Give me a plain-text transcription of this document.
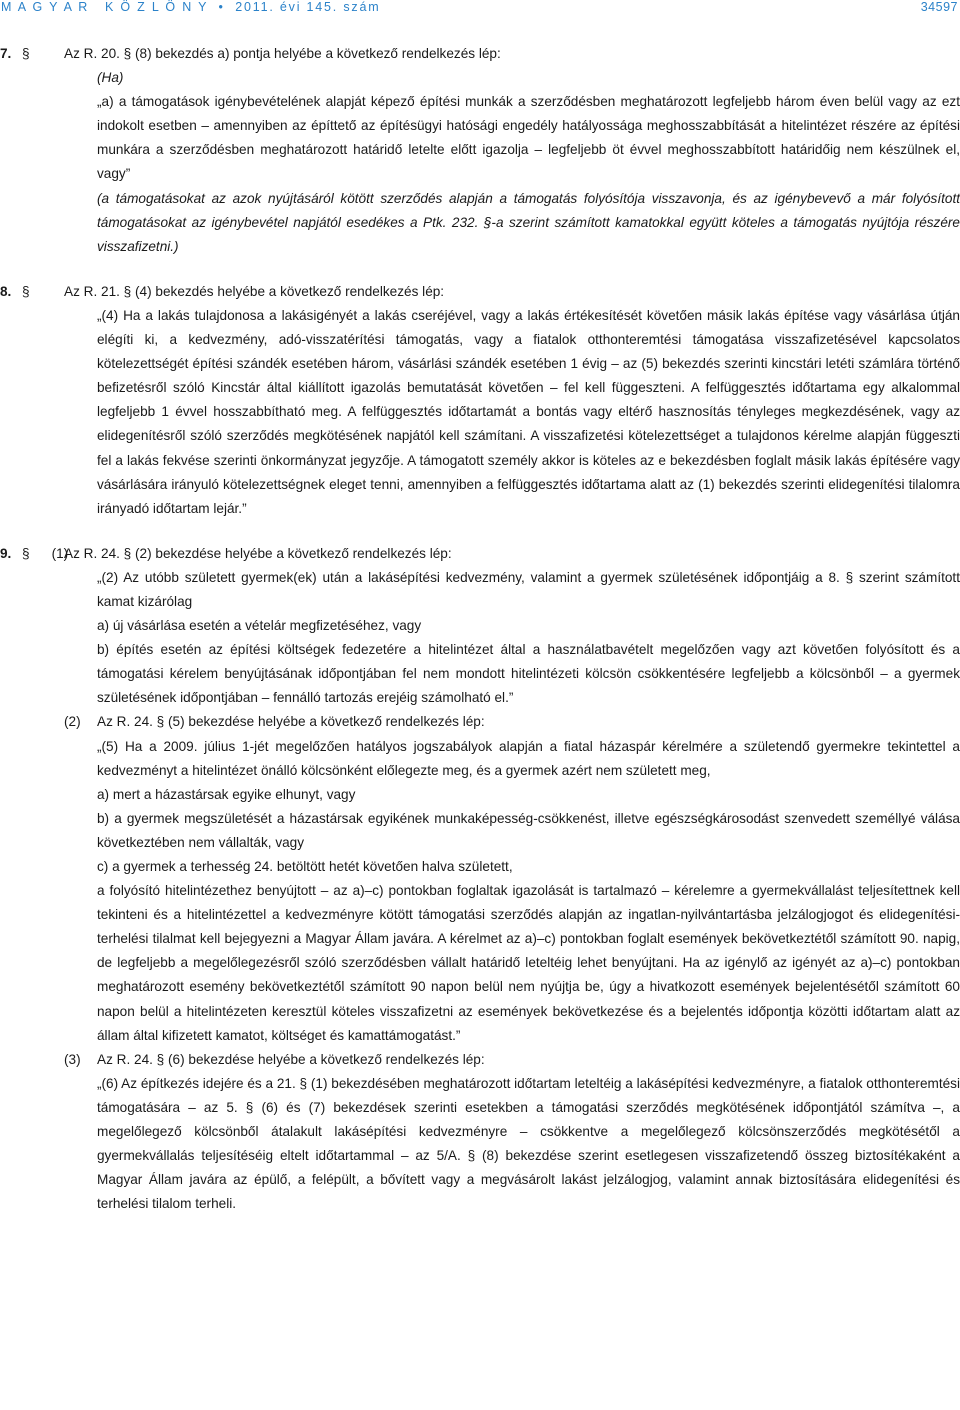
M A G Y A R   K Ö Z L Ö N Y  •  2011. évi 145. szám	34597
7. §	Az R. 20. § (8) bekezdés a) pontja helyébe a következő rendelkezés lép:
(Ha)
„a) a támogatások igénybevételének alapját képező építési munkák a szerződésben meghatározott legfeljebb három éven belül vagy az ezt indokolt esetben – amennyiben az építtető az építésügyi hatósági engedély hatályossága meghosszabbítását a hitelintézet részére az építési munkára a szerződésben meghatározott határidő letelte előtt igazolja – legfeljebb öt évvel meghosszabbított határidőig nem készülnek el, vagy”
(a támogatásokat az azok nyújtásáról kötött szerződés alapján a támogatás folyósítója visszavonja, és az igénybevevő a már folyósított támogatásokat az igénybevétel napjától esedékes a Ptk. 232. §-a szerint számított kamatokkal együtt köteles a támogatás nyújtója részére visszafizetni.)
8. §	Az R. 21. § (4) bekezdés helyébe a következő rendelkezés lép:
„(4) Ha a lakás tulajdonosa a lakásigényét a lakás cseréjével, vagy a lakás értékesítését követően másik lakás építése vagy vásárlása útján elégíti ki, a kedvezmény, adó-visszatérítési támogatás, vagy a fiatalok otthonteremtési támogatása visszafizetésével kapcsolatos kötelezettségét építési szándék esetében három, vásárlási szándék esetében 1 évig – az (5) bekezdés szerinti kincstári letéti számlára történő befizetésről szóló Kincstár által kiállított igazolás bemutatását követően – fel kell függeszteni. A felfüggesztés időtartama egy alkalommal legfeljebb 1 évvel hosszabbítható meg. A felfüggesztés időtartamát a bontás vagy eltérő hasznosítás tényleges megkezdésének, vagy az elidegenítésről szóló szerződés megkötésének napjától kell számítani. A visszafizetési kötelezettséget a tulajdonos kérelme alapján függeszti fel a lakás fekvése szerinti önkormányzat jegyzője. A támogatott személy akkor is köteles az e bekezdésben foglalt másik lakás építésére vagy vásárlására irányuló kötelezettségnek eleget tenni, amennyiben a felfüggesztés időtartama alatt az (1) bekezdés szerinti elidegenítési tilalomra irányadó időtartam lejár.”
9. § (1)
Az R. 24. § (2) bekezdése helyébe a következő rendelkezés lép:
„(2) Az utóbb született gyermek(ek) után a lakásépítési kedvezmény, valamint a gyermek születésének időpontjáig a 8. § szerint számított kamat kizárólag
a) új vásárlása esetén a vételár megfizetéséhez, vagy
b) építés esetén az építési költségek fedezetére a hitelintézet által a használatbavételt megelőzően vagy azt követően folyósított és a támogatási kérelem benyújtásának időpontjában fel nem mondott hitelintézeti kölcsön csökkentésére legfeljebb a kölcsönből – a gyermek születésének időpontjában – fennálló tartozás erejéig számolható el.”
(2)	Az R. 24. § (5) bekezdése helyébe a következő rendelkezés lép:
„(5) Ha a 2009. július 1-jét megelőzően hatályos jogszabályok alapján a fiatal házaspár kérelmére a születendő gyermekre tekintettel a kedvezményt a hitelintézet önálló kölcsönként előlegezte meg, és a gyermek azért nem született meg,
a) mert a házastársak egyike elhunyt, vagy
b) a gyermek megszületését a házastársak egyikének munkaképesség-csökkenést, illetve egészségkárosodást szenvedett személlyé válása következtében nem vállalták, vagy
c) a gyermek a terhesség 24. betöltött hetét követően halva született,
a folyósító hitelintézethez benyújtott – az a)–c) pontokban foglaltak igazolását is tartalmazó – kérelemre a gyermekvállalást teljesítettnek kell tekinteni és a hitelintézettel a kedvezményre kötött támogatási szerződés alapján az ingatlan-nyilvántartásba jelzálogjogot és elidegenítési-terhelési tilalmat kell bejegyezni a Magyar Állam javára. A kérelmet az a)–c) pontokban foglalt események bekövetkeztétől számított 90. napig, de legfeljebb a megelőlegezésről szóló szerződésben vállalt határidő leteltéig lehet benyújtani. Ha az igénylő az igényét az a)–c) pontokban meghatározott esemény bekövetkeztétől számított 90 napon belül nem nyújtja be, úgy a hivatkozott események bejelentésétől számított 60 napon belül a hitelintézeten keresztül köteles visszafizetni az események bekövetkezése és a bejelentés időpontja közötti időtartam alatt az állam által kifizetett kamatot, költséget és kamattámogatást.”
(3)	Az R. 24. § (6) bekezdése helyébe a következő rendelkezés lép:
„(6) Az építkezés idejére és a 21. § (1) bekezdésében meghatározott időtartam leteltéig a lakásépítési kedvezményre, a fiatalok otthonteremtési támogatására – az 5. § (6) és (7) bekezdések szerinti esetekben a támogatási szerződés megkötésének időpontjától számítva –, a megelőlegező kölcsönből átalakult lakásépítési kedvezményre – csökkentve a megelőlegező kölcsönszerződés megkötésétől a gyermekvállalás teljesítéséig eltelt időtartammal – az 5/A. § (8) bekezdése szerint esetlegesen visszafizetendő összeg biztosítékaként a Magyar Állam javára az épülő, a felépült, a bővített vagy a megvásárolt lakást jelzálogjog, valamint annak biztosítására elidegenítési és terhelési tilalom terheli.
